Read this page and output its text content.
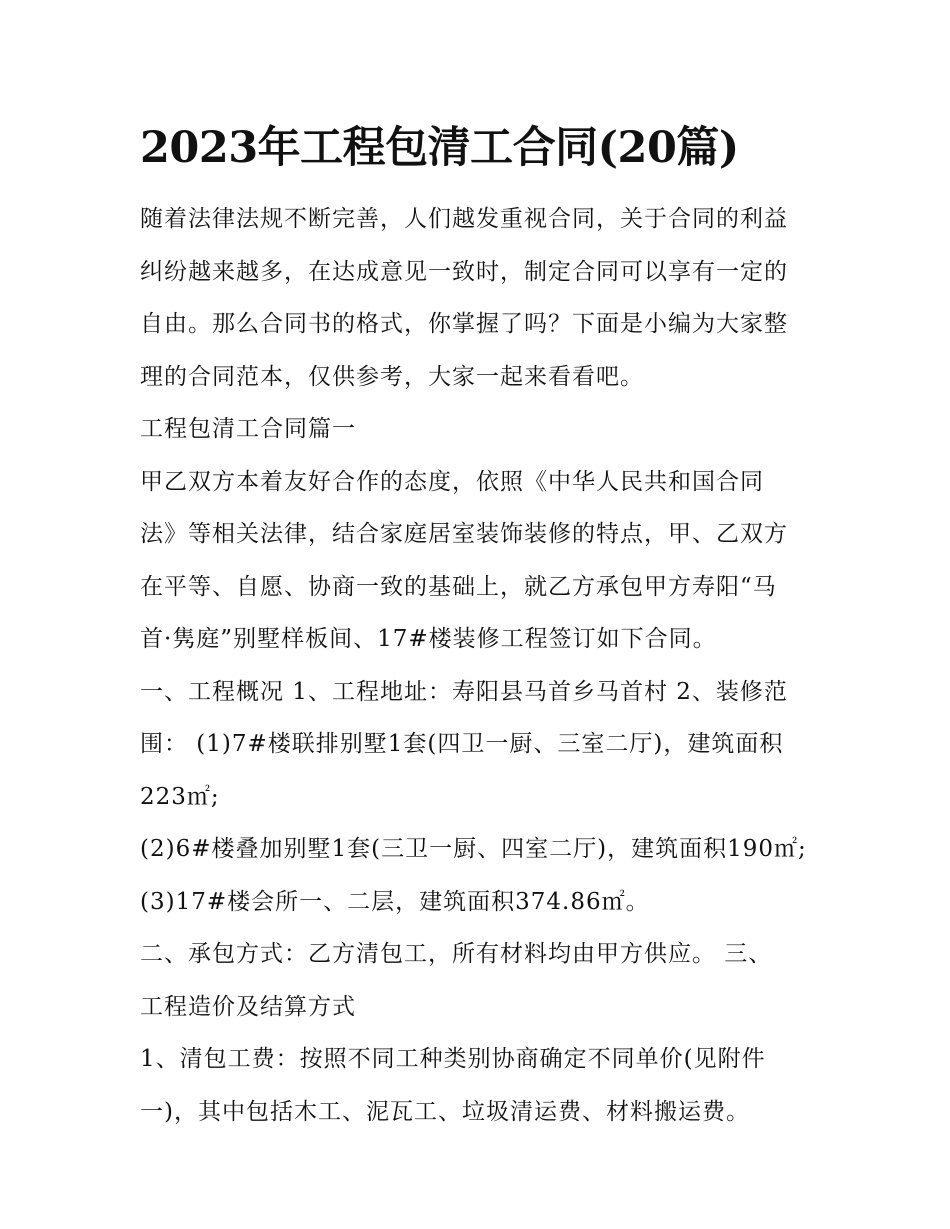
2023年工程包清工合同(20篇)

随着法律法规不断完善，人们越发重视合同，关于合同的利益

纠纷越来越多，在达成意见一致时，制定合同可以享有一定的

自由。那么合同书的格式，你掌握了吗？下面是小编为大家整

理的合同范本，仅供参考，大家一起来看看吧。

工程包清工合同篇一

甲乙双方本着友好合作的态度，依照《中华人民共和国合同

法》等相关法律，结合家庭居室装饰装修的特点，甲、乙双方

在平等、自愿、协商一致的基础上，就乙方承包甲方寿阳“马

首·隽庭”别墅样板间、17#楼装修工程签订如下合同。

一、工程概况 1、工程地址：寿阳县马首乡马首村 2、装修范

围： (1)7#楼联排别墅1套(四卫一厨、三室二厅)，建筑面积

223㎡;

(2)6#楼叠加别墅1套(三卫一厨、四室二厅)，建筑面积190㎡;

(3)17#楼会所一、二层，建筑面积374.86㎡。

二、承包方式：乙方清包工，所有材料均由甲方供应。 三、

工程造价及结算方式

1、清包工费：按照不同工种类别协商确定不同单价(见附件

一)，其中包括木工、泥瓦工、垃圾清运费、材料搬运费。
